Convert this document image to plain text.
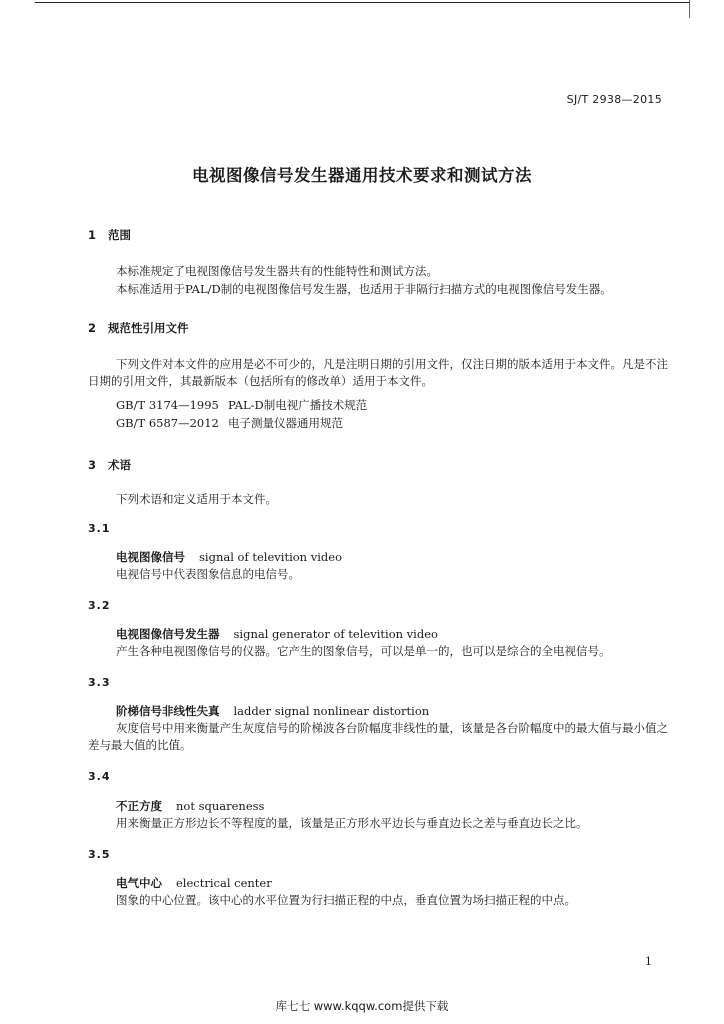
SJ/T 2938—2015
电视图像信号发生器通用技术要求和测试方法
1 范围
本标准规定了电视图像信号发生器共有的性能特性和测试方法。
本标准适用于PAL/D制的电视图像信号发生器，也适用于非隔行扫描方式的电视图像信号发生器。
2 规范性引用文件
下列文件对本文件的应用是必不可少的，凡是注明日期的引用文件，仅注日期的版本适用于本文件。凡是不注日期的引用文件，其最新版本（包括所有的修改单）适用于本文件。
GB/T 3174—1995 PAL-D制电视广播技术规范
GB/T 6587—2012 电子测量仪器通用规范
3 术语
下列术语和定义适用于本文件。
3.1
电视图像信号 signal of televition video
电视信号中代表图象信息的电信号。
3.2
电视图像信号发生器 signal generator of televition video
产生各种电视图像信号的仪器。它产生的图象信号，可以是单一的，也可以是综合的全电视信号。
3.3
阶梯信号非线性失真 ladder signal nonlinear distortion
灰度信号中用来衡量产生灰度信号的阶梯波各台阶幅度非线性的量，该量是各台阶幅度中的最大值与最小值之差与最大值的比值。
3.4
不正方度 not squareness
用来衡量正方形边长不等程度的量，该量是正方形水平边长与垂直边长之差与垂直边长之比。
3.5
电气中心 electrical center
图象的中心位置。该中心的水平位置为行扫描正程的中点，垂直位置为场扫描正程的中点。
1
库七七 www.kqqw.com提供下载
